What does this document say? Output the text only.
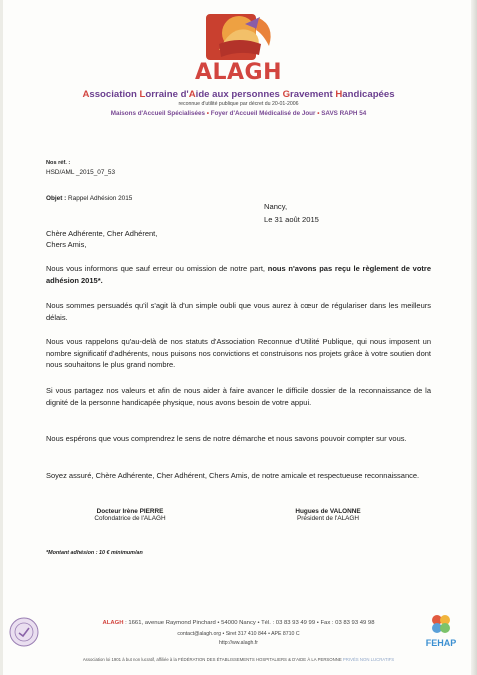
ALAGH
Association Lorraine d'Aide aux personnes Gravement Handicapées
reconnue d'utilité publique par décret du 20-01-2006
Maisons d'Accueil Spécialisées • Foyer d'Accueil Médicalisé de Jour • SAVS RAPH 54
Nos réf. :
HSD/AML _2015_07_53
Objet : Rappel Adhésion 2015
Nancy,
Le 31 août 2015
Chère Adhérente, Cher Adhérent,
Chers Amis,
Nous vous informons que sauf erreur ou omission de notre part, nous n'avons pas reçu le règlement de votre adhésion 2015*.
Nous sommes persuadés qu'il s'agit là d'un simple oubli que vous aurez à cœur de régulariser dans les meilleurs délais.
Nous vous rappelons qu'au-delà de nos statuts d'Association Reconnue d'Utilité Publique, qui nous imposent un nombre significatif d'adhérents, nous puisons nos convictions et construisons nos projets grâce à votre soutien dont nous souhaitons le plus grand nombre.
Si vous partagez nos valeurs et afin de nous aider à faire avancer le difficile dossier de la reconnaissance de la dignité de la personne handicapée physique, nous avons besoin de votre appui.
Nous espérons que vous comprendrez le sens de notre démarche et nous savons pouvoir compter sur vous.
Soyez assuré, Chère Adhérente, Cher Adhérent, Chers Amis, de notre amicale et respectueuse reconnaissance.
Docteur Irène PIERRE
Cofondatrice de l'ALAGH
Hugues de VALONNE
Président de l'ALAGH
*Montant adhésion : 10 € minimum/an
ALAGH : 1661, avenue Raymond Pinchard • 54000 Nancy • Tél. : 03 83 93 49 99 • Fax : 03 83 93 49 98
contact@alagh.org • Siret 317 410 844 • APE 8710 C
http://ww.alagh.fr
Association loi 1901 à but non lucratif, affiliée à la FÉDÉRATION DES ÉTABLISSEMENTS HOSPITALIERS & D'AIDE À LA PERSONNE PRIVÉS NON LUCRATIFS
FEHAP
